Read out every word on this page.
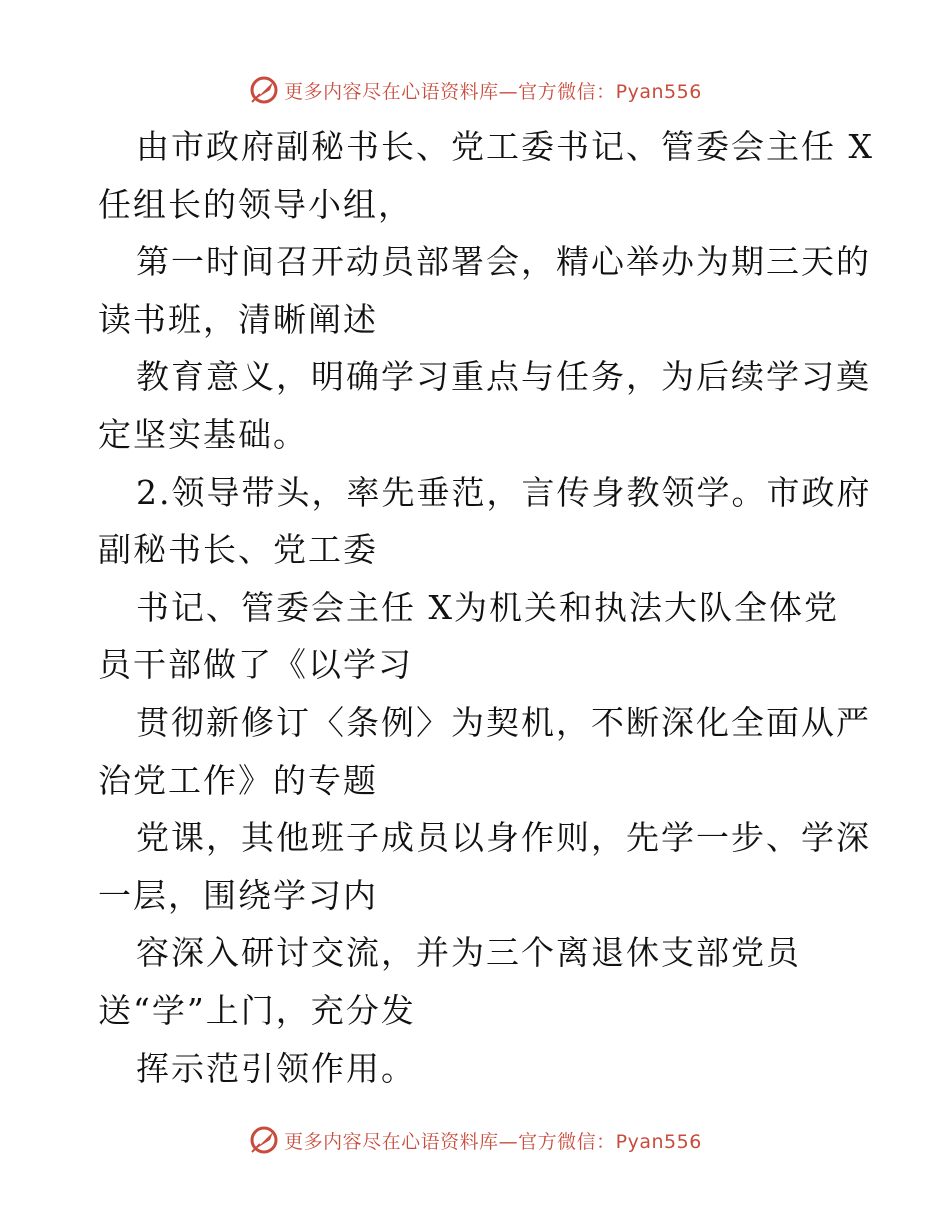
更多内容尽在心语资料库—官方微信：Pyan556
由市政府副秘书长、党工委书记、管委会主任 X
任组长的领导小组，
第一时间召开动员部署会，精心举办为期三天的
读书班，清晰阐述
教育意义，明确学习重点与任务，为后续学习奠
定坚实基础。
2.领导带头，率先垂范，言传身教领学。市政府
副秘书长、党工委
书记、管委会主任 X为机关和执法大队全体党
员干部做了《以学习
贯彻新修订〈条例〉为契机，不断深化全面从严
治党工作》的专题
党课，其他班子成员以身作则，先学一步、学深
一层，围绕学习内
容深入研讨交流，并为三个离退休支部党员
送“学”上门，充分发
挥示范引领作用。
更多内容尽在心语资料库—官方微信：Pyan556
